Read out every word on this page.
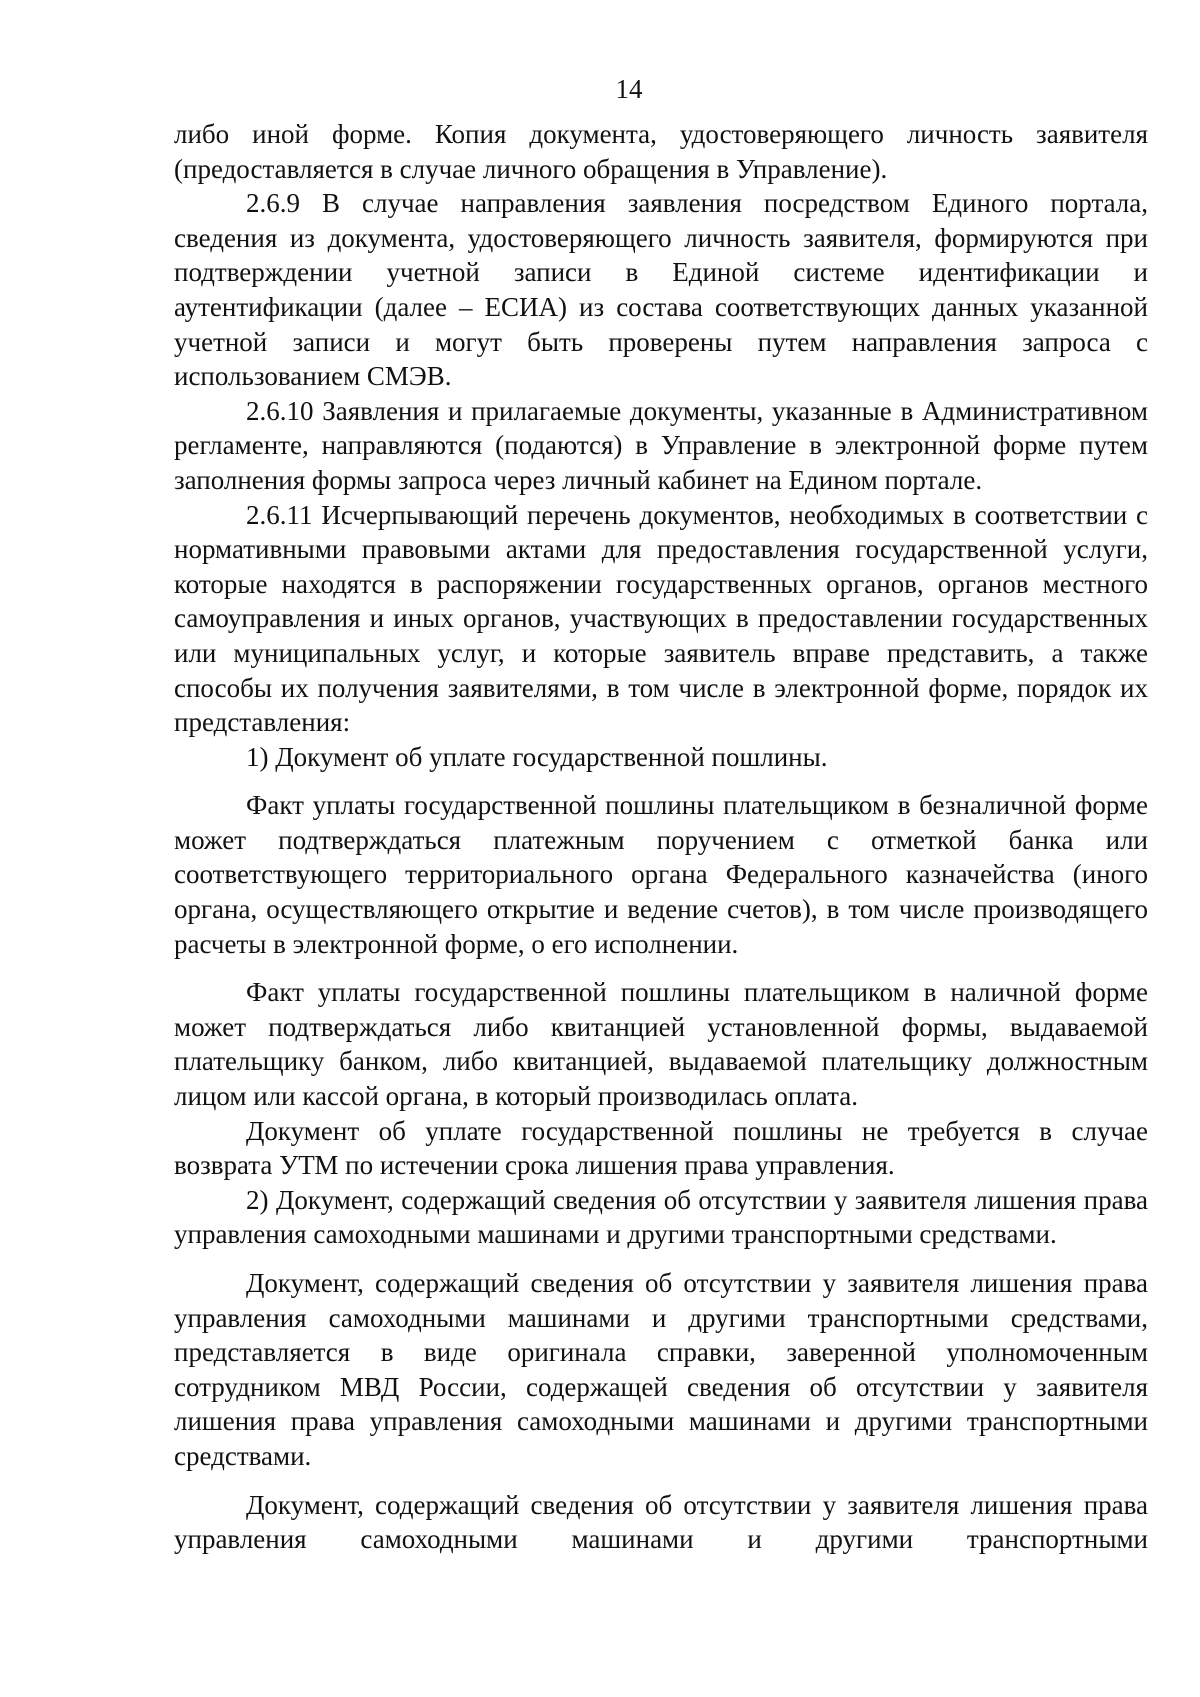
14

либо иной форме. Копия документа, удостоверяющего личность заявителя (предоставляется в случае личного обращения в Управление).

2.6.9 В случае направления заявления посредством Единого портала, сведения из документа, удостоверяющего личность заявителя, формируются при подтверждении учетной записи в Единой системе идентификации и аутентификации (далее – ЕСИА) из состава соответствующих данных указанной учетной записи и могут быть проверены путем направления запроса с использованием СМЭВ.

2.6.10 Заявления и прилагаемые документы, указанные в Административном регламенте, направляются (подаются) в Управление в электронной форме путем заполнения формы запроса через личный кабинет на Едином портале.

2.6.11 Исчерпывающий перечень документов, необходимых в соответствии с нормативными правовыми актами для предоставления государственной услуги, которые находятся в распоряжении государственных органов, органов местного самоуправления и иных органов, участвующих в предоставлении государственных или муниципальных услуг, и которые заявитель вправе представить, а также способы их получения заявителями, в том числе в электронной форме, порядок их представления:

1) Документ об уплате государственной пошлины.

Факт уплаты государственной пошлины плательщиком в безналичной форме может подтверждаться платежным поручением с отметкой банка или соответствующего территориального органа Федерального казначейства (иного органа, осуществляющего открытие и ведение счетов), в том числе производящего расчеты в электронной форме, о его исполнении.

Факт уплаты государственной пошлины плательщиком в наличной форме может подтверждаться либо квитанцией установленной формы, выдаваемой плательщику банком, либо квитанцией, выдаваемой плательщику должностным лицом или кассой органа, в который производилась оплата.

Документ об уплате государственной пошлины не требуется в случае возврата УТМ по истечении срока лишения права управления.

2) Документ, содержащий сведения об отсутствии у заявителя лишения права управления самоходными машинами и другими транспортными средствами.

Документ, содержащий сведения об отсутствии у заявителя лишения права управления самоходными машинами и другими транспортными средствами, представляется в виде оригинала справки, заверенной уполномоченным сотрудником МВД России, содержащей сведения об отсутствии у заявителя лишения права управления самоходными машинами и другими транспортными средствами.

Документ, содержащий сведения об отсутствии у заявителя лишения права управления самоходными машинами и другими транспортными
